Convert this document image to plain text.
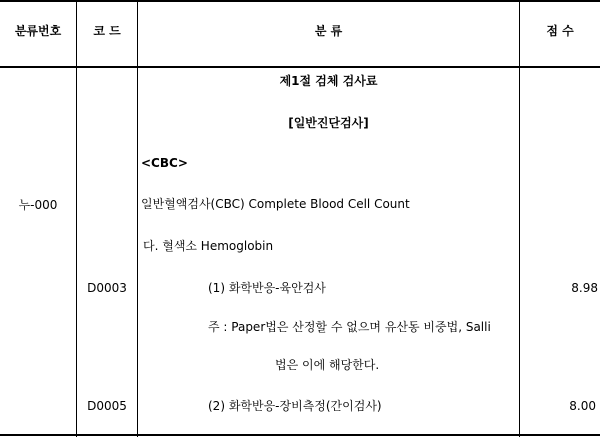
분류번호	코 드	분 류	점 수
누-000
제1절 검체 검사료
[일반진단검사]
<CBC>
일반혈액검사(CBC) Complete Blood Cell Count
다. 혈색소 Hemoglobin
D0003	(1) 화학반응-육안검사	8.98
주 : Paper법은 산정할 수 없으며 유산동 비중법, Salli
법은 이에 해당한다.
D0005	(2) 화학반응-장비측정(간이검사)	8.00
